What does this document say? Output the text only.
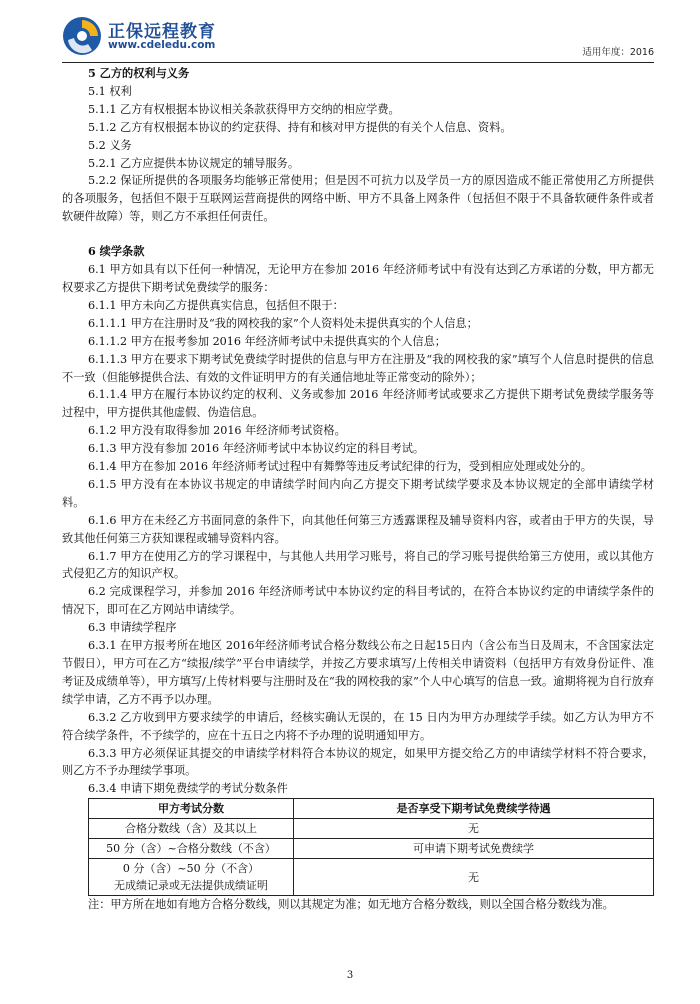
正保远程教育
www.cdeledu.com
适用年度：2016

5 乙方的权利与义务

5.1 权利

5.1.1 乙方有权根据本协议相关条款获得甲方交纳的相应学费。

5.1.2 乙方有权根据本协议的约定获得、持有和核对甲方提供的有关个人信息、资料。

5.2 义务

5.2.1 乙方应提供本协议规定的辅导服务。

5.2.2 保证所提供的各项服务均能够正常使用；但是因不可抗力以及学员一方的原因造成不能正常使用乙方所提供的各项服务，包括但不限于互联网运营商提供的网络中断、甲方不具备上网条件（包括但不限于不具备软硬件条件或者软硬件故障）等，则乙方不承担任何责任。

6 续学条款

6.1 甲方如具有以下任何一种情况，无论甲方在参加 2016 年经济师考试中有没有达到乙方承诺的分数，甲方都无权要求乙方提供下期考试免费续学的服务：

6.1.1 甲方未向乙方提供真实信息，包括但不限于：

6.1.1.1 甲方在注册时及“我的网校我的家”个人资料处未提供真实的个人信息；

6.1.1.2 甲方在报考参加 2016 年经济师考试中未提供真实的个人信息；

6.1.1.3 甲方在要求下期考试免费续学时提供的信息与甲方在注册及“我的网校我的家”填写个人信息时提供的信息不一致（但能够提供合法、有效的文件证明甲方的有关通信地址等正常变动的除外）；

6.1.1.4 甲方在履行本协议约定的权利、义务或参加 2016 年经济师考试或要求乙方提供下期考试免费续学服务等过程中，甲方提供其他虚假、伪造信息。

6.1.2 甲方没有取得参加 2016 年经济师考试资格。

6.1.3 甲方没有参加 2016 年经济师考试中本协议约定的科目考试。

6.1.4 甲方在参加 2016 年经济师考试过程中有舞弊等违反考试纪律的行为，受到相应处理或处分的。

6.1.5 甲方没有在本协议书规定的申请续学时间内向乙方提交下期考试续学要求及本协议规定的全部申请续学材料。

6.1.6 甲方在未经乙方书面同意的条件下，向其他任何第三方透露课程及辅导资料内容，或者由于甲方的失误，导致其他任何第三方获知课程或辅导资料内容。

6.1.7 甲方在使用乙方的学习课程中，与其他人共用学习账号，将自己的学习账号提供给第三方使用，或以其他方式侵犯乙方的知识产权。

6.2 完成课程学习，并参加 2016 年经济师考试中本协议约定的科目考试的，在符合本协议约定的申请续学条件的情况下，即可在乙方网站申请续学。

6.3 申请续学程序

6.3.1 在甲方报考所在地区 2016年经济师考试合格分数线公布之日起15日内（含公布当日及周末，不含国家法定节假日），甲方可在乙方“续报/续学”平台申请续学，并按乙方要求填写/上传相关申请资料（包括甲方有效身份证件、准考证及成绩单等），甲方填写/上传材料要与注册时及在“我的网校我的家”个人中心填写的信息一致。逾期将视为自行放弃续学申请，乙方不再予以办理。

6.3.2 乙方收到甲方要求续学的申请后，经核实确认无误的，在 15 日内为甲方办理续学手续。如乙方认为甲方不符合续学条件，不予续学的，应在十五日之内将不予办理的说明通知甲方。

6.3.3 甲方必须保证其提交的申请续学材料符合本协议的规定，如果甲方提交给乙方的申请续学材料不符合要求，则乙方不予办理续学事项。

6.3.4 申请下期免费续学的考试分数条件

甲方考试分数	是否享受下期考试免费续学待遇
合格分数线（含）及其以上	无
50 分（含）~合格分数线（不含）	可申请下期考试免费续学

0 分（含）~50 分（不含）
无成绩记录或无法提供成绩证明	无

注：甲方所在地如有地方合格分数线，则以其规定为准；如无地方合格分数线，则以全国合格分数线为准。

3
